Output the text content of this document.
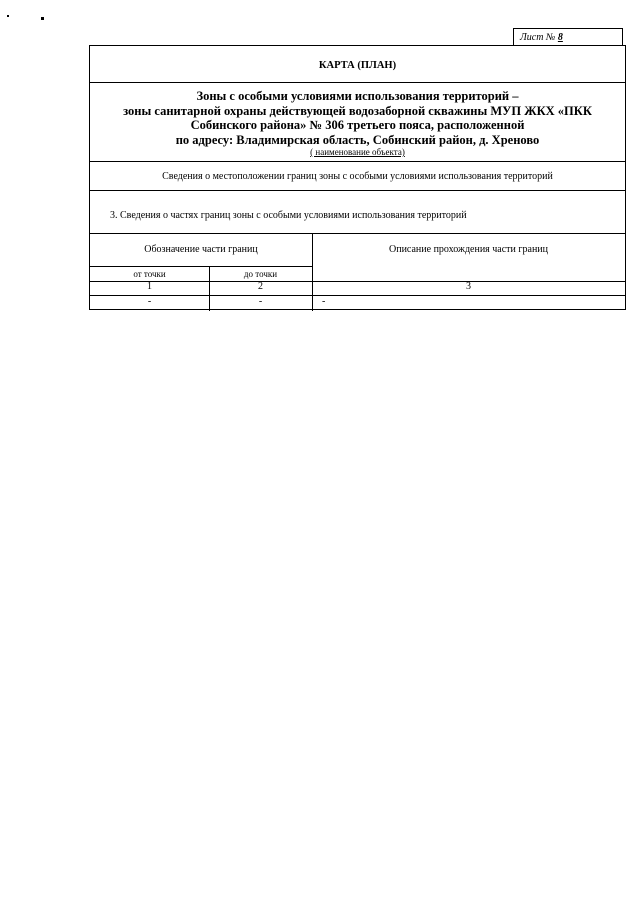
Лист № 8
КАРТА (ПЛАН)
Зоны с особыми условиями использования территорий –
зоны санитарной охраны действующей водозаборной скважины МУП ЖКХ «ПКК
Собинского района» № 306 третьего пояса, расположенной
по адресу: Владимирская область, Собинский район, д. Хреново
( наименование объекта)
Сведения о местоположении границ зоны с особыми условиями использования территорий
3. Сведения о частях границ зоны с особыми условиями использования территорий
Обозначение части границ	Описание прохождения части границ
от точки	до точки
1	2	3
-	-	-
